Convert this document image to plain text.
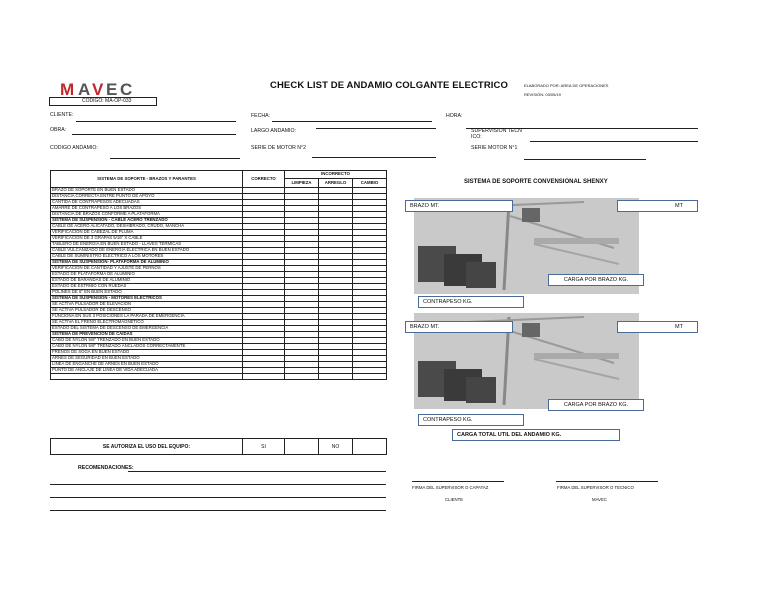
M A V E C
CODIGO: MA-OP-033
CHECK LIST DE ANDAMIO COLGANTE ELECTRICO	ELABORADO POR: AREA DE OPERACIONES
REVISIÓN: 03/05/19
CLIENTE:	FECHA:	HORA:
OBRA:	LARGO ANDAMIO:	SUPERVISION TECN ICO:
CODIGO ANDAMIO:	SERIE DE MOTOR N°2	SERIE MOTOR N°1
SISTEMA DE SOPORTE - BRAZOS Y PARANTES	CORRECTO	INCORRECTO		
		LIMPIEZA	ARREGLO	CAMBIO
BRAZO DE SOPORTE EN BUEN ESTADO				
DISTANCIA CORRECTA ENTRE PUNTO DE APOYO				
CANTIDA DE CONTRAPESOS ADECUADAS				
AMARRE DE CONTRAPESO A LOS BRAZOS				
DISTANCIA DE BRAZOS CONFORME A PLATAFORMA				
SISTEMA DE SUSPENSION - CABLE ACERO TRENZADO				
CABLE DE ACERO ALICATADO, DESHIBRADO, CRUDO, MANCHA				
VERIFICACION DE CABEZAL DE PLUMA				
VERIFICACION DE 3 GRAPAS 5/16" X CABLE				
TABLERO DE ENERGIA EN BUEN ESTADO - LLAVES TERMICAS				
CABLE VULCANIZADO DE ENERGIA ELECTRICA EN BUEN ESTADO				
CABLE DE SUMINISTRO ELECTRICO A LOS MOTORES				
SISTEMA DE SUSPENSION- PLATAFORMA DE ALUMINIO				
VERIFICACION DE CANTIDAD Y AJUSTE DE PERNOS				
ESTADO DE PLATAFORMA DE ALUMINIO				
ESTADO DE BARANDAS DE ALUMINIO				
ESTADO DE ESTRIBO CON RUEDAS				
POLINES DE 6" EN BUEN ESTADO				
SISTEMA DE SUSPENSION - MOTORES ELECTRICOS				
SE ACTIVA PULSADOR DE ELEVACION				
SE ACTIVA PULSADOR DE DESCENSO				
FUNCIONA EN SUS 3 POSICIONES LA PARADA DE EMERGENCIA				
SE ACTIVA EL FRENO ELECTROMAGNETICO				
ESTADO DEL SISTEMA DE DESCENSO DE EMERGENCIA				
SISTEMA DE PREVENCION DE CAIDAS				
CABO DE NYLON 5/8" TRENZADO EN BUEN ESTADO				
CABO DE NYLON 5/8" TRENZADO ANCLADOS CORRECTAMENTE				
FRENOS DE SOGA EN BUEN ESTADO				
ARNES DE SEGURIDAD EN BUEN ESTADO				
LINEA DE ENGANCHE DE ARNES EN BUEN ESTADO				
PUNTO DE ANCLAJE DE LINEA DE VIDA ADECUADA				

SE AUTORIZA EL USO DEL EQUIPO:	SI		NO	
RECOMENDACIONES:
SISTEMA DE SOPORTE CONVENSIONAL SHENXY
BRAZO MT.	MT
CARGA POR BRAZO KG.
CONTRAPESO KG.
BRAZO MT.	MT
CARGA POR BRAZO KG.
CONTRAPESO KG.
CARGA TOTAL UTIL DEL ANDAMIO KG.
FIRMA DEL SUPERVISOR O CAPATAZ
CLIENTE
FIRMA DEL SUPERVISOR O TECNICO
MAVEC
